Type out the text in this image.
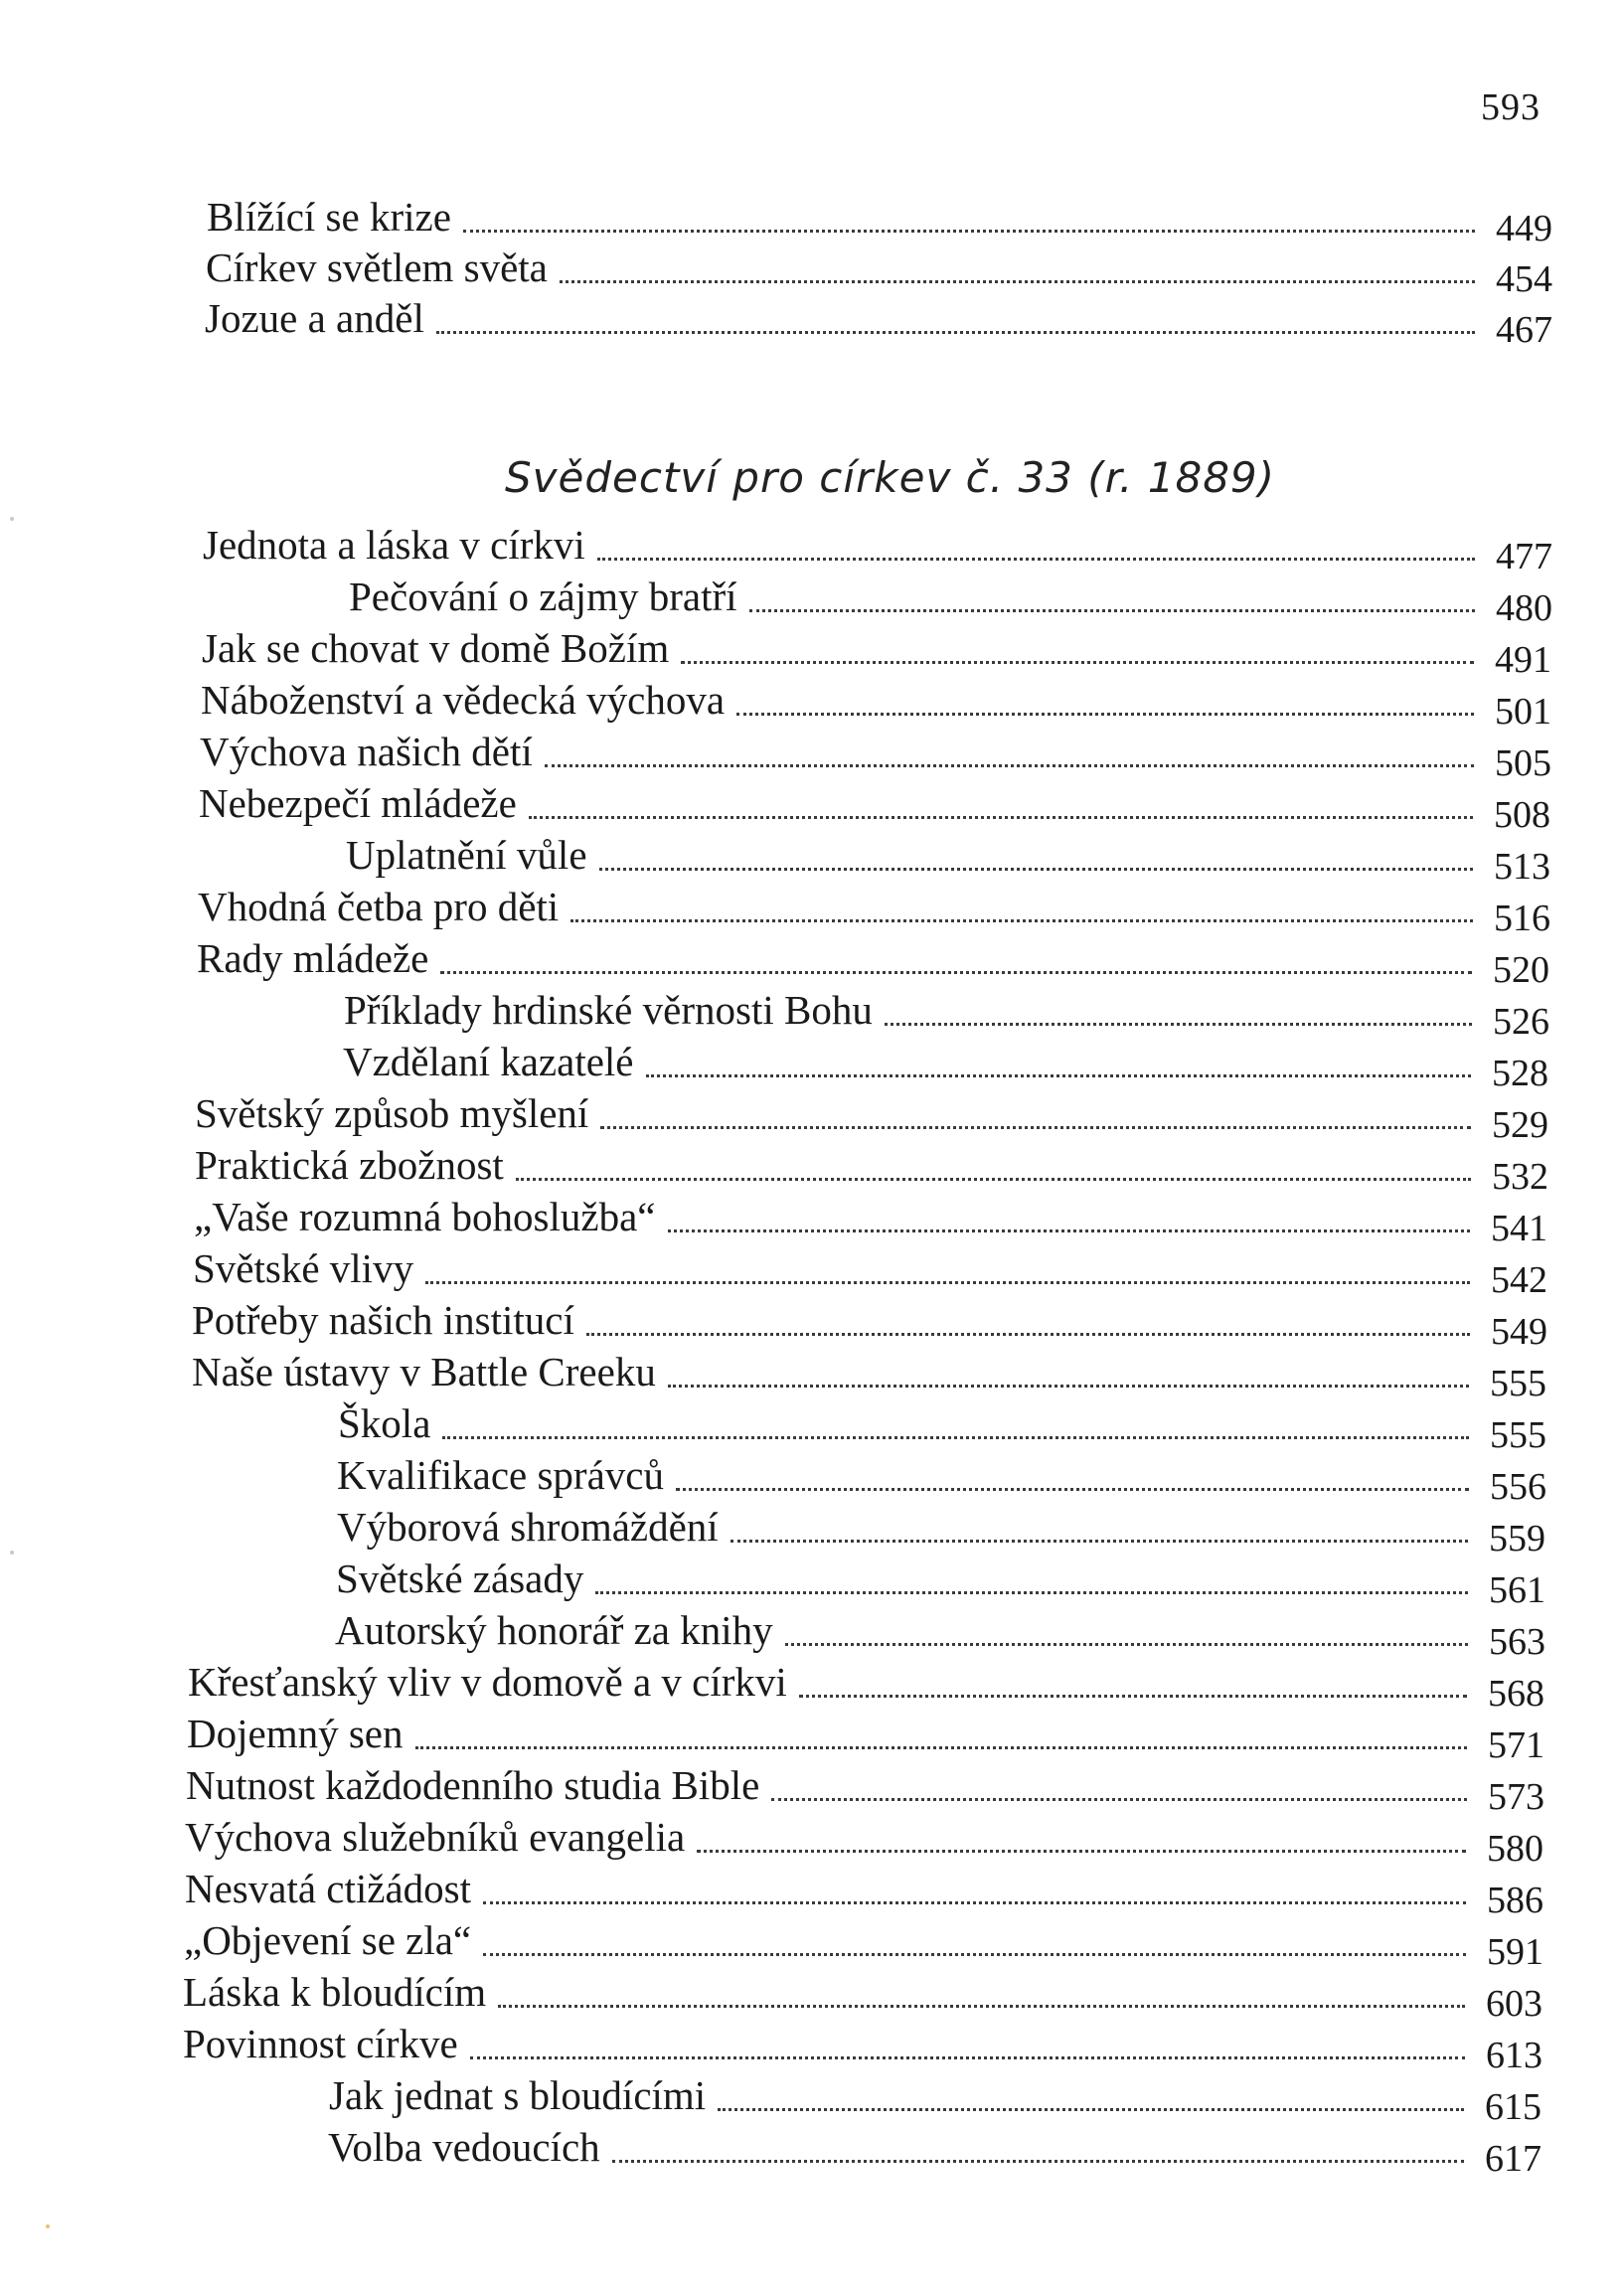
593
Svědectví pro církev č. 33 (r. 1889)
Blížící se krize	449
Církev světlem světa	454
Jozue a anděl	467
Jednota a láska v církvi	477
Pečování o zájmy bratří	480
Jak se chovat v domě Božím	491
Náboženství a vědecká výchova	501
Výchova našich dětí	505
Nebezpečí mládeže	508
Uplatnění vůle	513
Vhodná četba pro děti	516
Rady mládeže	520
Příklady hrdinské věrnosti Bohu	526
Vzdělaní kazatelé	528
Světský způsob myšlení	529
Praktická zbožnost	532
„Vaše rozumná bohoslužba“	541
Světské vlivy	542
Potřeby našich institucí	549
Naše ústavy v Battle Creeku	555
Škola	555
Kvalifikace správců	556
Výborová shromáždění	559
Světské zásady	561
Autorský honorář za knihy	563
Křesťanský vliv v domově a v církvi	568
Dojemný sen	571
Nutnost každodenního studia Bible	573
Výchova služebníků evangelia	580
Nesvatá ctižádost	586
„Objevení se zla“	591
Láska k bloudícím	603
Povinnost církve	613
Jak jednat s bloudícími	615
Volba vedoucích	617
